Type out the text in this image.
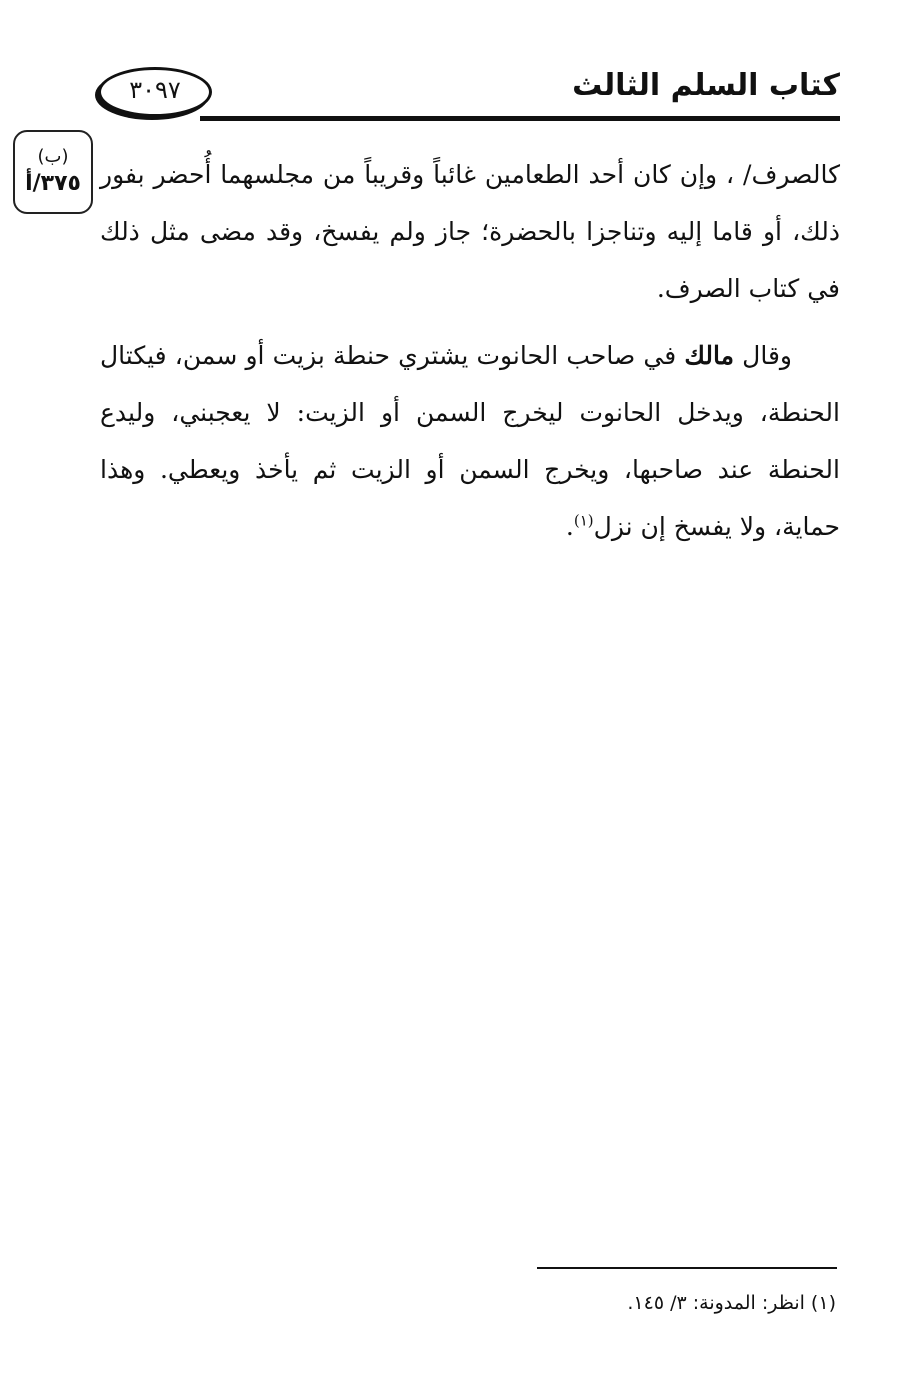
كتاب السلم الثالث
٣٠٩٧
(ب)
٣٧٥/أ كالصرف/ ، وإن كان أحد الطعامين غائباً وقريباً من مجلسهما أُحضر بفور ذلك، أو قاما إليه وتناجزا بالحضرة؛ جاز ولم يفسخ، وقد مضى مثل ذلك في كتاب الصرف.

وقال مالك في صاحب الحانوت يشتري حنطة بزيت أو سمن، فيكتال الحنطة، ويدخل الحانوت ليخرج السمن أو الزيت: لا يعجبني، وليدع الحنطة عند صاحبها، ويخرج السمن أو الزيت ثم يأخذ ويعطي. وهذا حماية، ولا يفسخ إن نزل$^{(١)}$.

(١) انظر: المدونة: ٣/ ١٤٥.
